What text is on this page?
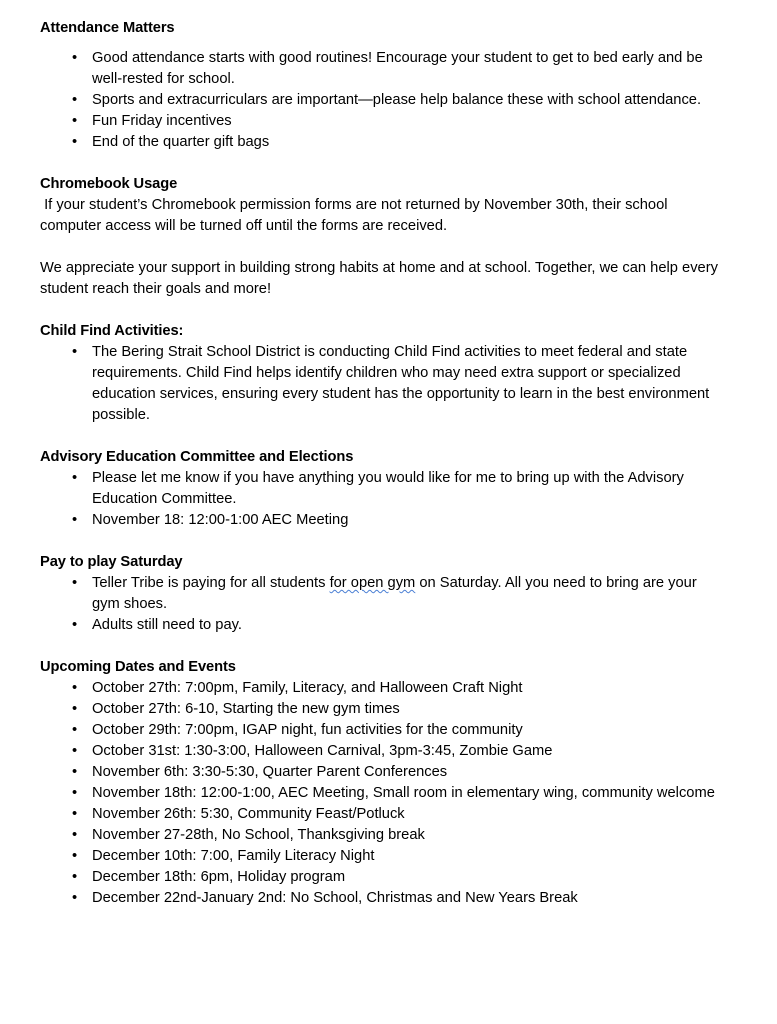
Attendance Matters
• Good attendance starts with good routines! Encourage your student to get to bed early and be well-rested for school.
• Sports and extracurriculars are important—please help balance these with school attendance.
• Fun Friday incentives
• End of the quarter gift bags
Chromebook Usage

If your student’s Chromebook permission forms are not returned by November 30th, their school computer access will be turned off until the forms are received.

We appreciate your support in building strong habits at home and at school. Together, we can help every student reach their goals and more!

Child Find Activities:
• The Bering Strait School District is conducting Child Find activities to meet federal and state requirements. Child Find helps identify children who may need extra support or specialized education services, ensuring every student has the opportunity to learn in the best environment possible.
Advisory Education Committee and Elections
• Please let me know if you have anything you would like for me to bring up with the Advisory Education Committee.
• November 18: 12:00-1:00 AEC Meeting
Pay to play Saturday
• Teller Tribe is paying for all students for open gym on Saturday. All you need to bring are your gym shoes.
• Adults still need to pay.
Upcoming Dates and Events
• October 27th: 7:00pm, Family, Literacy, and Halloween Craft Night
• October 27th: 6-10, Starting the new gym times
• October 29th: 7:00pm, IGAP night, fun activities for the community
• October 31st: 1:30-3:00, Halloween Carnival, 3pm-3:45, Zombie Game
• November 6th: 3:30-5:30, Quarter Parent Conferences
• November 18th: 12:00-1:00, AEC Meeting, Small room in elementary wing, community welcome
• November 26th: 5:30, Community Feast/Potluck
• November 27-28th, No School, Thanksgiving break
• December 10th: 7:00, Family Literacy Night
• December 18th: 6pm, Holiday program
• December 22nd-January 2nd: No School, Christmas and New Years Break
